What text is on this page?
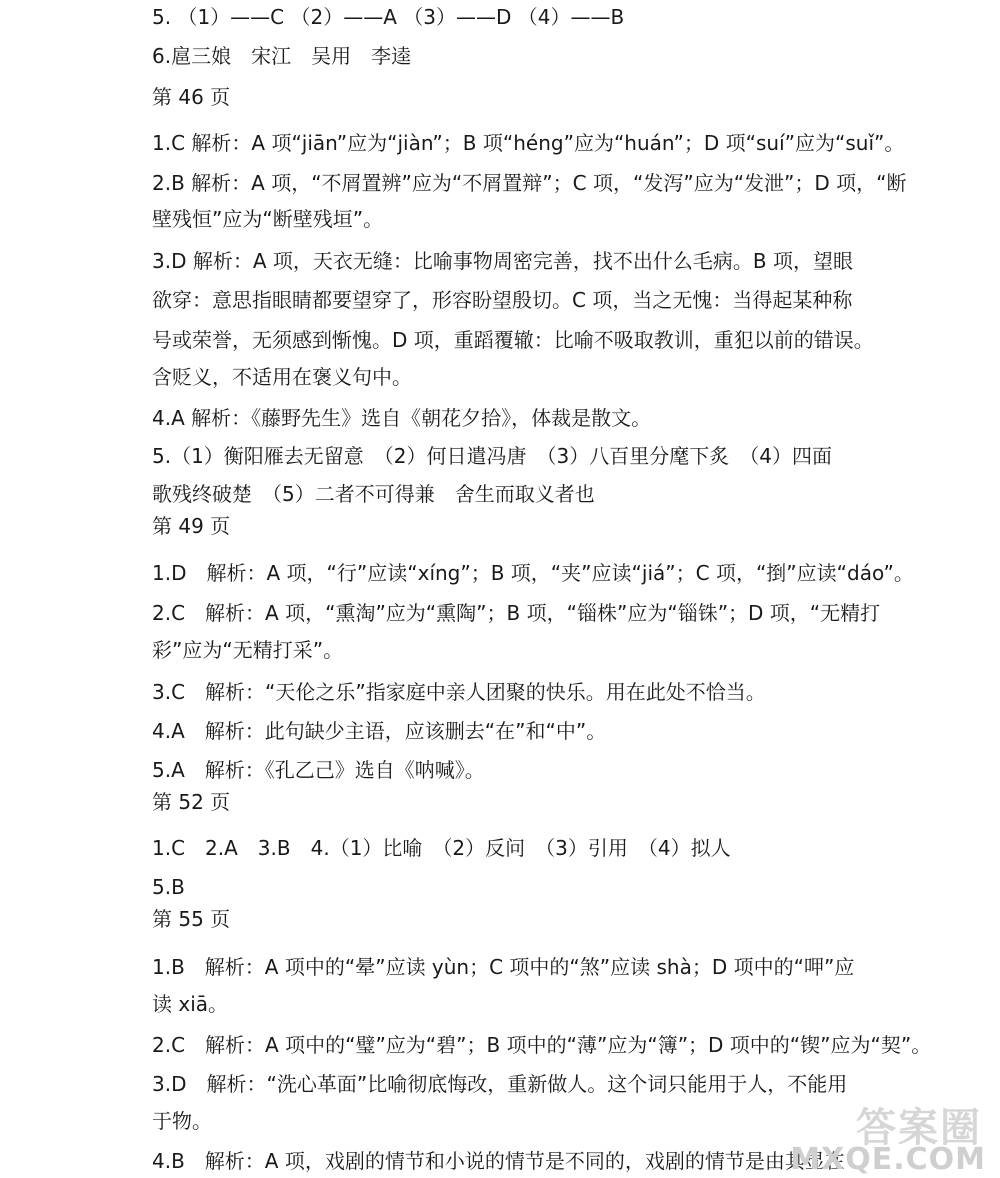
5. （1）——C （2）——A （3）——D （4）——B
6.扈三娘　宋江　吴用　李逵
第 46 页
1.C 解析：A 项“jiān”应为“jiàn”；B 项“héng”应为“huán”；D 项“suí”应为“suǐ”。
2.B 解析：A 项，“不屑置辨”应为“不屑置辩”；C 项，“发泻”应为“发泄”；D 项，“断
壁残恒”应为“断壁残垣”。
3.D 解析：A 项，天衣无缝：比喻事物周密完善，找不出什么毛病。B 项，望眼
欲穿：意思指眼睛都要望穿了，形容盼望殷切。C 项，当之无愧：当得起某种称
号或荣誉，无须感到惭愧。D 项，重蹈覆辙：比喻不吸取教训，重犯以前的错误。
含贬义，不适用在褒义句中。
4.A 解析：《藤野先生》选自《朝花夕拾》，体裁是散文。
5.（1）衡阳雁去无留意　（2）何日遣冯唐　（3）八百里分麾下炙　（4）四面
歌残终破楚　（5）二者不可得兼　舍生而取义者也
第 49 页
1.D　解析：A 项，“行”应读“xíng”；B 项，“夹”应读“jiá”；C 项，“捯”应读“dáo”。
2.C　解析：A 项，“熏淘”应为“熏陶”；B 项，“锱株”应为“锱铢”；D 项，“无精打
彩”应为“无精打采”。
3.C　解析：“天伦之乐”指家庭中亲人团聚的快乐。用在此处不恰当。
4.A　解析：此句缺少主语，应该删去“在”和“中”。
5.A　解析：《孔乙己》选自《呐喊》。
第 52 页
1.C　2.A　3.B　4.（1）比喻　（2）反问　（3）引用　（4）拟人
5.B
第 55 页
1.B　解析：A 项中的“晕”应读 yùn；C 项中的“煞”应读 shà；D 项中的“呷”应
读 xiā。
2.C　解析：A 项中的“璧”应为“碧”；B 项中的“薄”应为“簿”；D 项中的“锲”应为“契”。
3.D　解析：“洗心革面”比喻彻底悔改，重新做人。这个词只能用于人，不能用
于物。
4.B　解析：A 项，戏剧的情节和小说的情节是不同的，戏剧的情节是由其显在
答案圈
MXQE.COM
